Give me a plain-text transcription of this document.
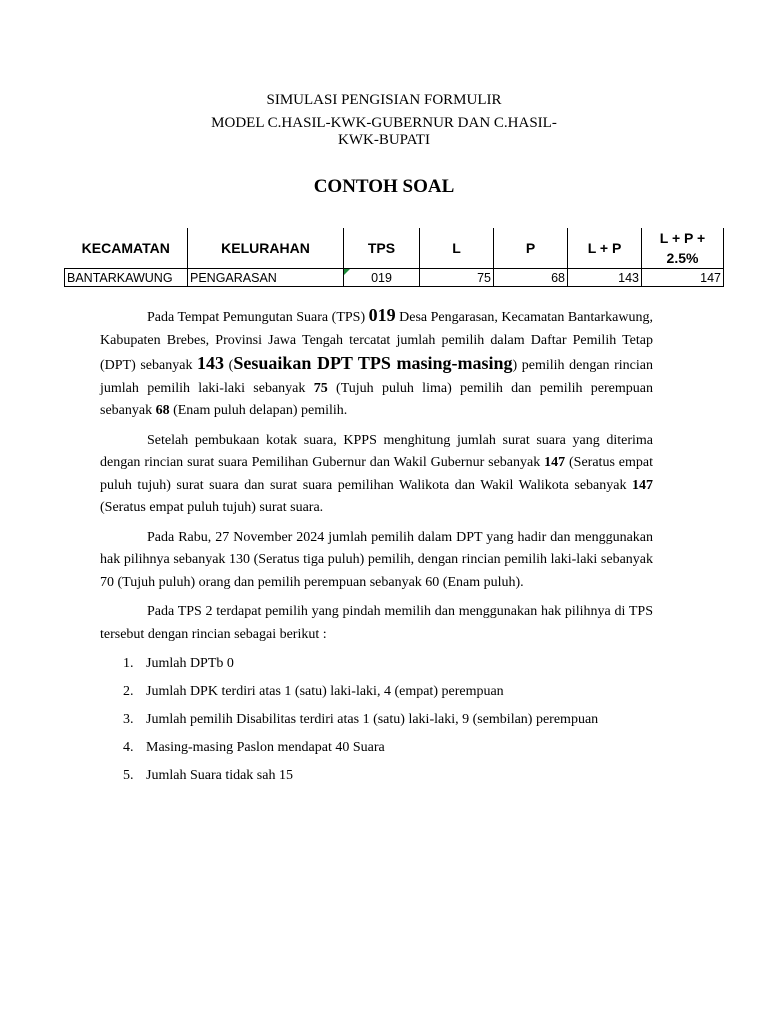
SIMULASI PENGISIAN FORMULIR
MODEL C.HASIL-KWK-GUBERNUR DAN C.HASIL-
KWK-BUPATI
CONTOH SOAL
KECAMATAN	KELURAHAN	TPS	L	P	L + P	L + P +
2.5%
BANTARKAWUNG	PENGARASAN	019	75	68	143	147

Pada Tempat Pemungutan Suara (TPS) 019 Desa Pengarasan, Kecamatan Bantarkawung, Kabupaten Brebes, Provinsi Jawa Tengah tercatat jumlah pemilih dalam Daftar Pemilih Tetap (DPT) sebanyak 143 (Sesuaikan DPT TPS masing-masing) pemilih dengan rincian jumlah pemilih laki-laki sebanyak 75 (Tujuh puluh lima) pemilih dan pemilih perempuan sebanyak 68 (Enam puluh delapan) pemilih.

Setelah pembukaan kotak suara, KPPS menghitung jumlah surat suara yang diterima dengan rincian surat suara Pemilihan Gubernur dan Wakil Gubernur sebanyak 147 (Seratus empat puluh tujuh) surat suara dan surat suara pemilihan Walikota dan Wakil Walikota sebanyak 147 (Seratus empat puluh tujuh) surat suara.

Pada Rabu, 27 November 2024 jumlah pemilih dalam DPT yang hadir dan menggunakan hak pilihnya sebanyak 130 (Seratus tiga puluh) pemilih, dengan rincian pemilih laki-laki sebanyak 70 (Tujuh puluh) orang dan pemilih perempuan sebanyak 60 (Enam puluh).

Pada TPS 2 terdapat pemilih yang pindah memilih dan menggunakan hak pilihnya di TPS tersebut dengan rincian sebagai berikut :

1. Jumlah DPTb 0
2. Jumlah DPK terdiri atas 1 (satu) laki-laki, 4 (empat) perempuan
3. Jumlah pemilih Disabilitas terdiri atas 1 (satu) laki-laki, 9 (sembilan) perempuan
4. Masing-masing Paslon mendapat 40 Suara
5. Jumlah Suara tidak sah 15
